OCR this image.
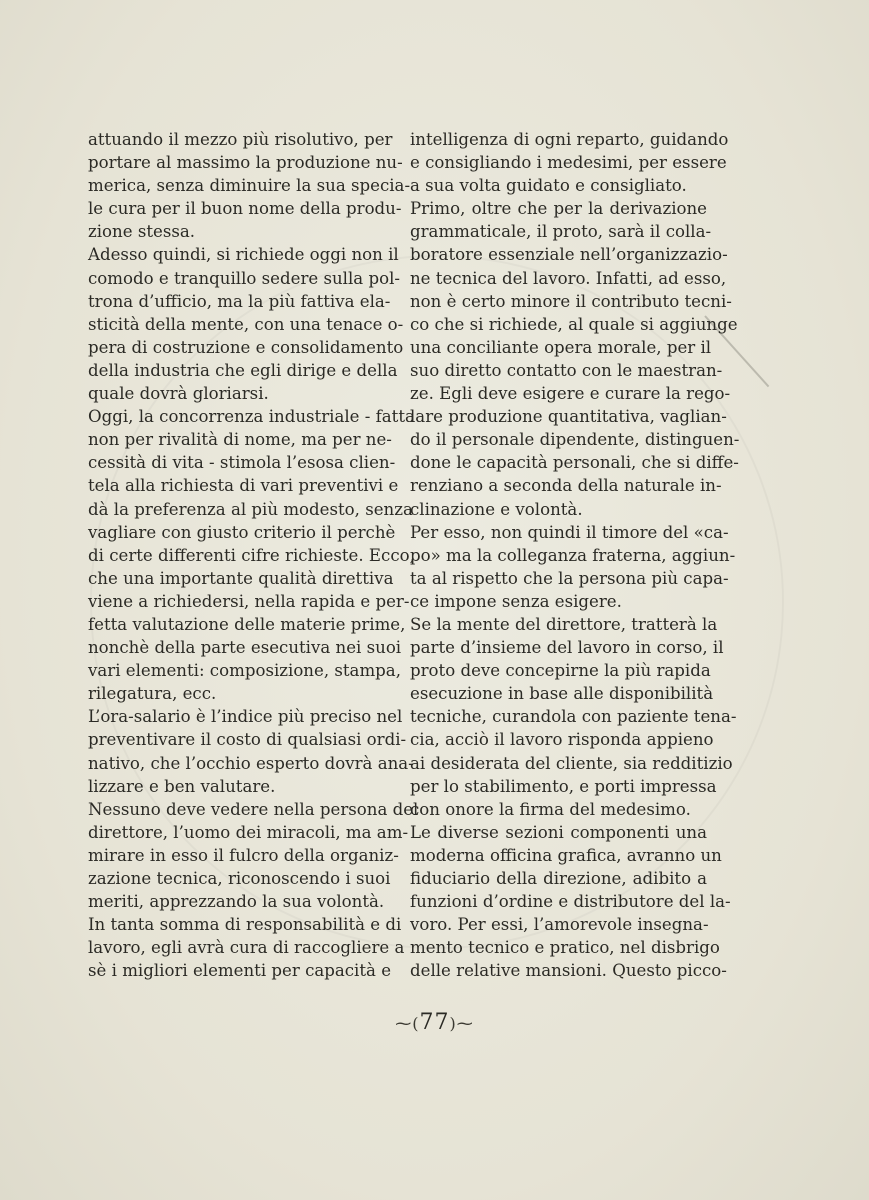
attuando il mezzo più risolutivo, per
portare al massimo la produzione nu-
merica, senza diminuire la sua specia-
le cura per il buon nome della produ-
zione stessa.
Adesso quindi, si richiede oggi non il
comodo e tranquillo sedere sulla pol-
trona d’ufficio, ma la più fattiva ela-
sticità della mente, con una tenace o-
pera di costruzione e consolidamento
della industria che egli dirige e della
quale dovrà gloriarsi.
Oggi, la concorrenza industriale - fatta
non per rivalità di nome, ma per ne-
cessità di vita - stimola l’esosa clien-
tela alla richiesta di vari preventivi e
dà la preferenza al più modesto, senza
vagliare con giusto criterio il perchè
di certe differenti cifre richieste. Ecco,
che una importante qualità direttiva
viene a richiedersi, nella rapida e per-
fetta valutazione delle materie prime,
nonchè della parte esecutiva nei suoi
vari elementi: composizione, stampa,
rilegatura, ecc.
L’ora-salario è l’indice più preciso nel
preventivare il costo di qualsiasi ordi-
nativo, che l’occhio esperto dovrà ana-
lizzare e ben valutare.
Nessuno deve vedere nella persona del
direttore, l’uomo dei miracoli, ma am-
mirare in esso il fulcro della organiz-
zazione tecnica, riconoscendo i suoi
meriti, apprezzando la sua volontà.
In tanta somma di responsabilità e di
lavoro, egli avrà cura di raccogliere a
sè i migliori elementi per capacità e
intelligenza di ogni reparto, guidando
e consigliando i medesimi, per essere
a sua volta guidato e consigliato.
Primo, oltre che per la derivazione
grammaticale, il proto, sarà il colla-
boratore essenziale nell’organizzazio-
ne tecnica del lavoro. Infatti, ad esso,
non è certo minore il contributo tecni-
co che si richiede, al quale si aggiunge
una conciliante opera morale, per il
suo diretto contatto con le maestran-
ze. Egli deve esigere e curare la rego-
lare produzione quantitativa, vaglian-
do il personale dipendente, distinguen-
done le capacità personali, che si diffe-
renziano a seconda della naturale in-
clinazione e volontà.
Per esso, non quindi il timore del «ca-
po» ma la colleganza fraterna, aggiun-
ta al rispetto che la persona più capa-
ce impone senza esigere.
Se la mente del direttore, tratterà la
parte d’insieme del lavoro in corso, il
proto deve concepirne la più rapida
esecuzione in base alle disponibilità
tecniche, curandola con paziente tena-
cia, acciò il lavoro risponda appieno
ai desiderata del cliente, sia redditizio
per lo stabilimento, e porti impressa
con onore la firma del medesimo.
Le diverse sezioni componenti una
moderna officina grafica, avranno un
fiduciario della direzione, adibito a
funzioni d’ordine e distributore del la-
voro. Per essi, l’amorevole insegna-
mento tecnico e pratico, nel disbrigo
delle relative mansioni. Questo picco-
⁓(77)⁓
